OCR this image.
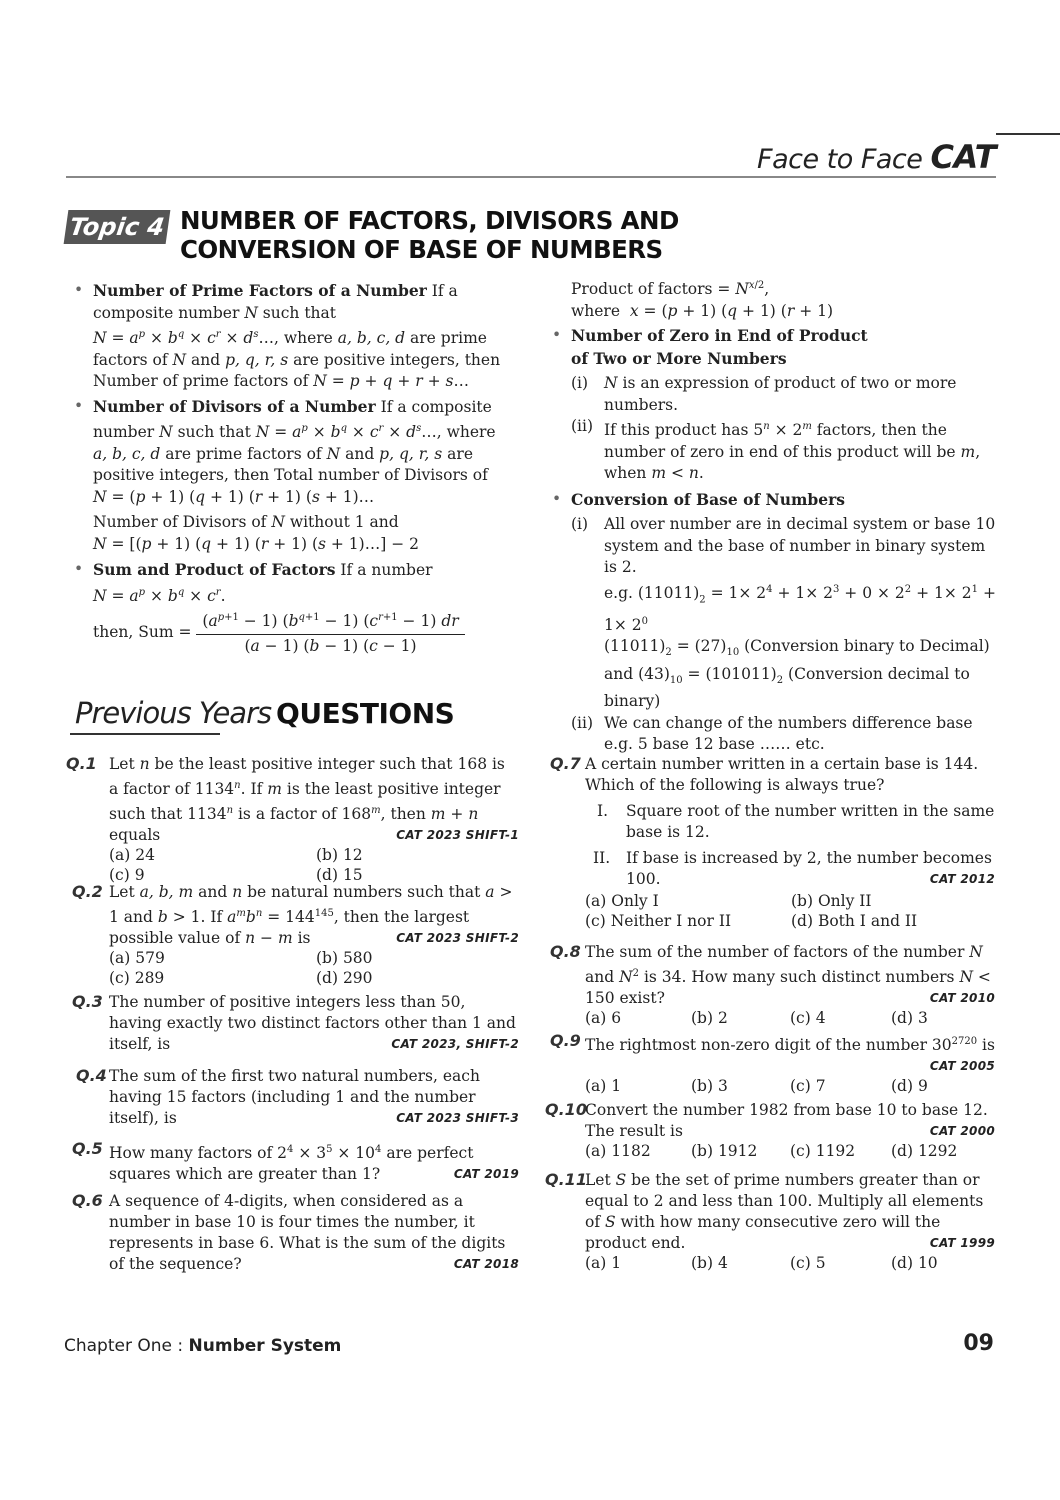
Face to Face CAT
Topic 4 NUMBER OF FACTORS, DIVISORS AND
CONVERSION OF BASE OF NUMBERS
• Number of Prime Factors of a Number If a composite number N such that
$N = a^p \times b^q \times c^r$ × $d^s\dots$, where a, b, c, d are prime factors of N and p, q, r, s are positive integers, then
Number of prime factors of N = p + q + r + s…
• Number of Divisors of a Number If a composite number N such that $N = a^p \times b^q \times c^r$ × $d^s\dots$, where a, b, c, d are prime factors of N and p, q, r, s are positive integers, then Total number of Divisors of N = (p + 1) (q + 1) (r + 1) (s + 1)…
Number of Divisors of N without 1 and
N = [(p + 1) (q + 1) (r + 1) (s + 1)…] − 2
• Sum and Product of Factors If a number
$N = a^p \times b^q \times c^r$.
then, Sum = $\frac{(a^{p+1} - 1) (b^{q+1} - 1) (c^{r+1} - 1) dr}{(a - 1) (b - 1) (c - 1)}$
Product of factors = $N^{x/2}$,
where  x = (p + 1) (q + 1) (r + 1)
• Number of Zero in End of Product
of Two or More Numbers
(i) N is an expression of product of two or more numbers.
(ii) If this product has $5^n \times 2^m$ factors, then the number of zero in end of this product will be m, when m < n.
• Conversion of Base of Numbers
(i) All over number are in decimal system or base 10 system and the base of number in binary system is 2.
e.g. $(11011)_2 = 1\times 2^4 + 1\times 2^3 + 0 \times 2^2 + 1\times 2^1 + 1\times 2^0$
$(11011)_2 = (27)_{10}$ (Conversion binary to Decimal)
and $(43)_{10} = (101011)_2$ (Conversion decimal to binary)
(ii) We can change of the numbers difference base e.g. 5 base 12 base …… etc.
Previous Years QUESTIONS
Q.1 Let n be the least positive integer such that 168 is a factor of 1134$^n$. If m is the least positive integer such that 1134$^n$ is a factor of 168$^m$, then m + n equals	CAT 2023 SHIFT-1
(a) 24	(b) 12
(c) 9	(d) 15
Q.2 Let a, b, m and n be natural numbers such that a > 1 and b > 1. If $a^mb^n = 144^{145}$, then the largest possible value of n − m is	CAT 2023 SHIFT-2
(a) 579	(b) 580
(c) 289	(d) 290
Q.3 The number of positive integers less than 50, having exactly two distinct factors other than 1 and itself, is	CAT 2023, SHIFT-2
Q.4 The sum of the first two natural numbers, each having 15 factors (including 1 and the number itself), is	CAT 2023 SHIFT-3
Q.5 How many factors of $2^4 \times 3^5 \times 10^4$ are perfect squares which are greater than 1?	CAT 2019
Q.6 A sequence of 4-digits, when considered as a number in base 10 is four times the number, it represents in base 6. What is the sum of the digits of the sequence?	CAT 2018
Q.7 A certain number written in a certain base is 144. Which of the following is always true?
I. Square root of the number written in the same base is 12.
II. If base is increased by 2, the number becomes 100.	CAT 2012
(a) Only I	(b) Only II
(c) Neither I nor II	(d) Both I and II
Q.8 The sum of the number of factors of the number N and $N^2$ is 34. How many such distinct numbers N < 150 exist?	CAT 2010
(a) 6	(b) 2	(c) 4	(d) 3
Q.9 The rightmost non-zero digit of the number $30^{2720}$ is

CAT 2005
(a) 1	(b) 3	(c) 7	(d) 9
Q.10
Convert the number 1982 from base 10 to base 12. The result is	CAT 2000
(a) 1182	(b) 1912	(c) 1192	(d) 1292
Q.11
Let S be the set of prime numbers greater than or equal to 2 and less than 100. Multiply all elements of S with how many consecutive zero will the product end.	CAT 1999
(a) 1	(b) 4	(c) 5	(d) 10
Chapter One : Number System	09
